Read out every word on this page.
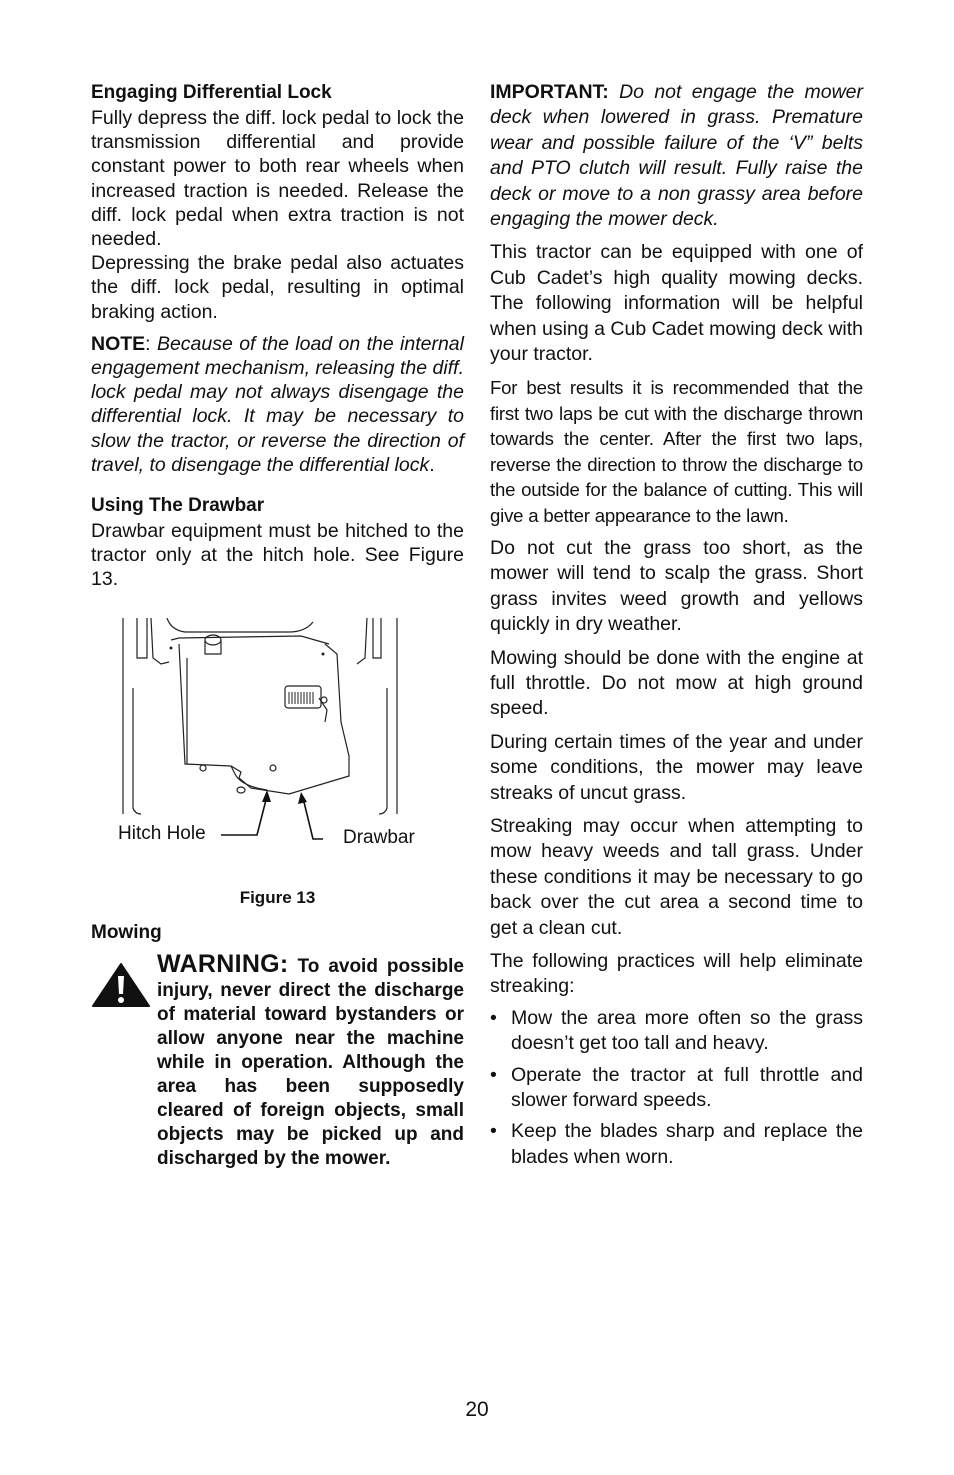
Engaging Differential Lock

Fully depress the diff. lock pedal to lock the transmission differential and provide constant power to both rear wheels when increased traction is needed. Release the diff. lock pedal when extra traction is not needed.

Depressing the brake pedal also actuates the diff. lock pedal, resulting in optimal braking action.

NOTE: Because of the load on the internal engagement mechanism, releasing the diff. lock pedal may not always disengage the differential lock. It may be necessary to slow the tractor, or reverse the direction of travel, to disengage the differential lock.

Using The Drawbar

Drawbar equipment must be hitched to the tractor only at the hitch hole. See Figure 13.

Hitch Hole	Drawbar
Figure 13
Mowing
WARNING: To avoid possible injury, never direct the discharge of material toward bystanders or allow anyone near the machine while in operation. Although the area has been supposedly cleared of foreign objects, small objects may be picked up and discharged by the mower.

IMPORTANT: Do not engage the mower deck when lowered in grass. Premature wear and possible failure of the ‘V” belts and PTO clutch will result. Fully raise the deck or move to a non grassy area before engaging the mower deck.

This tractor can be equipped with one of Cub Cadet’s high quality mowing decks. The following information will be helpful when using a Cub Cadet mowing deck with your tractor.

For best results it is recommended that the first two laps be cut with the discharge thrown towards the center. After the first two laps, reverse the direction to throw the discharge to the outside for the balance of cutting. This will give a better appearance to the lawn.

Do not cut the grass too short, as the mower will tend to scalp the grass. Short grass invites weed growth and yellows quickly in dry weather.

Mowing should be done with the engine at full throttle. Do not mow at high ground speed.

During certain times of the year and under some conditions, the mower may leave streaks of uncut grass.

Streaking may occur when attempting to mow heavy weeds and tall grass. Under these conditions it may be necessary to go back over the cut area a second time to get a clean cut.

The following practices will help eliminate streaking:

• Mow the area more often so the grass doesn’t get too tall and heavy.
• Operate the tractor at full throttle and slower forward speeds.
• Keep the blades sharp and replace the blades when worn.
20
